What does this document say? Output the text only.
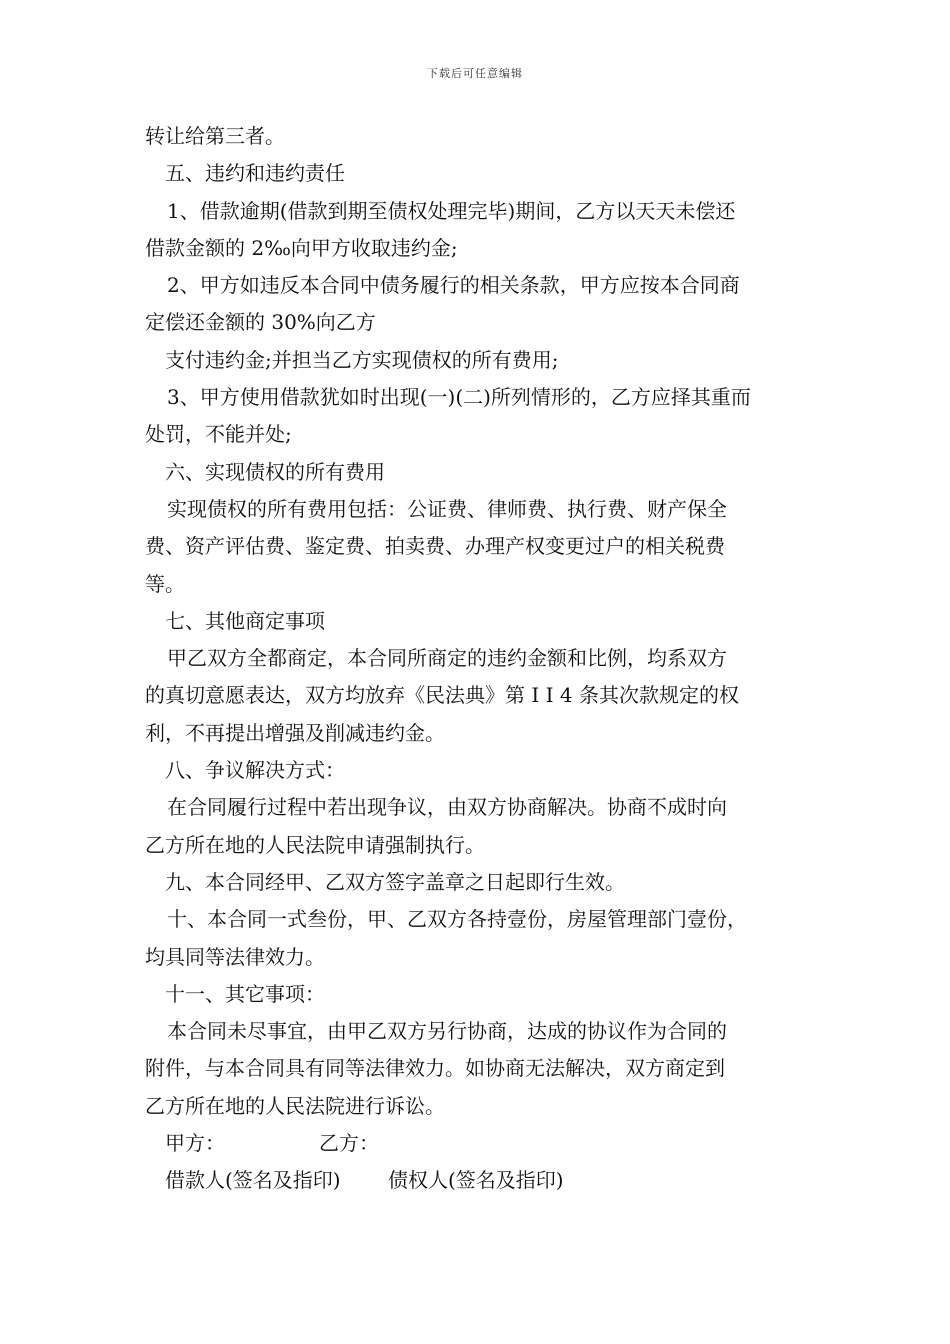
下载后可任意编辑
转让给第三者。
五、违约和违约责任
1、借款逾期(借款到期至债权处理完毕)期间，乙方以天天未偿还
借款金额的 2‰向甲方收取违约金;
2、甲方如违反本合同中债务履行的相关条款，甲方应按本合同商
定偿还金额的 30%向乙方
支付违约金;并担当乙方实现债权的所有费用;
3、甲方使用借款犹如时出现(一)(二)所列情形的，乙方应择其重而
处罚，不能并处;
六、实现债权的所有费用
实现债权的所有费用包括：公证费、律师费、执行费、财产保全
费、资产评估费、鉴定费、拍卖费、办理产权变更过户的相关税费
等。
七、其他商定事项
甲乙双方全都商定，本合同所商定的违约金额和比例，均系双方
的真切意愿表达，双方均放弃《民法典》第 I I 4 条其次款规定的权
利，不再提出增强及削减违约金。
八、争议解决方式：
在合同履行过程中若出现争议，由双方协商解决。协商不成时向
乙方所在地的人民法院申请强制执行。
九、本合同经甲、乙双方签字盖章之日起即行生效。
十、本合同一式叁份，甲、乙双方各持壹份，房屋管理部门壹份，
均具同等法律效力。
十一、其它事项：
本合同未尽事宜，由甲乙双方另行协商，达成的协议作为合同的
附件，与本合同具有同等法律效力。如协商无法解决，双方商定到
乙方所在地的人民法院进行诉讼。
甲方：	乙方：
借款人(签名及指印)	债权人(签名及指印)
